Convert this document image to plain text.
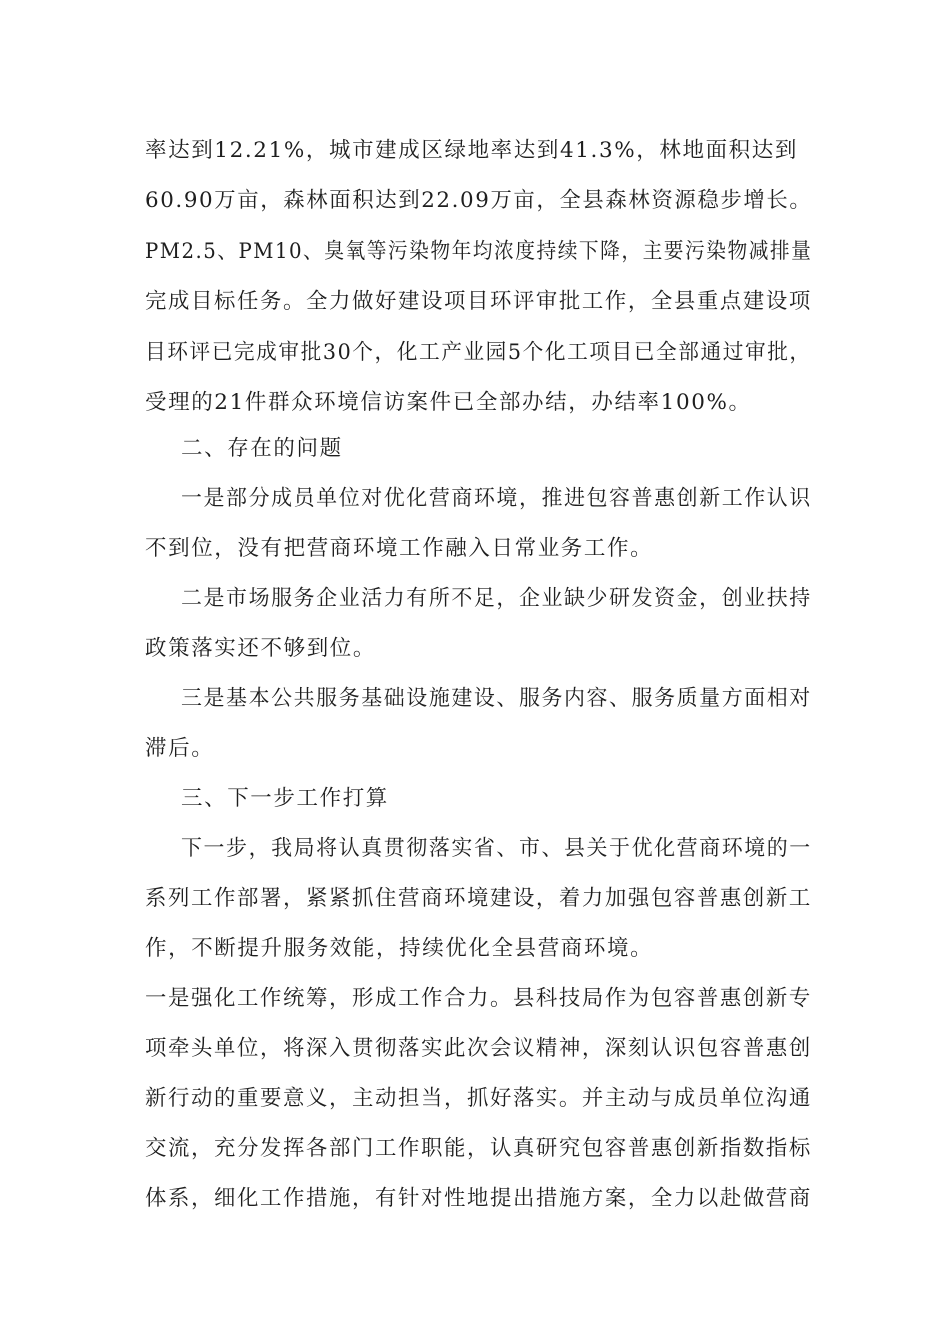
率达到12.21%，城市建成区绿地率达到41.3%，林地面积达到

60.90万亩，森林面积达到22.09万亩，全县森林资源稳步增长。

PM2.5、PM10、臭氧等污染物年均浓度持续下降，主要污染物减排量

完成目标任务。全力做好建设项目环评审批工作，全县重点建设项

目环评已完成审批30个，化工产业园5个化工项目已全部通过审批，

受理的21件群众环境信访案件已全部办结，办结率100%。

二、存在的问题

一是部分成员单位对优化营商环境，推进包容普惠创新工作认识

不到位，没有把营商环境工作融入日常业务工作。

二是市场服务企业活力有所不足，企业缺少研发资金，创业扶持

政策落实还不够到位。

三是基本公共服务基础设施建设、服务内容、服务质量方面相对

滞后。

三、下一步工作打算

下一步，我局将认真贯彻落实省、市、县关于优化营商环境的一

系列工作部署，紧紧抓住营商环境建设，着力加强包容普惠创新工

作，不断提升服务效能，持续优化全县营商环境。

一是强化工作统筹，形成工作合力。县科技局作为包容普惠创新专

项牵头单位，将深入贯彻落实此次会议精神，深刻认识包容普惠创

新行动的重要意义，主动担当，抓好落实。并主动与成员单位沟通

交流，充分发挥各部门工作职能，认真研究包容普惠创新指数指标

体系，细化工作措施，有针对性地提出措施方案，全力以赴做营商
